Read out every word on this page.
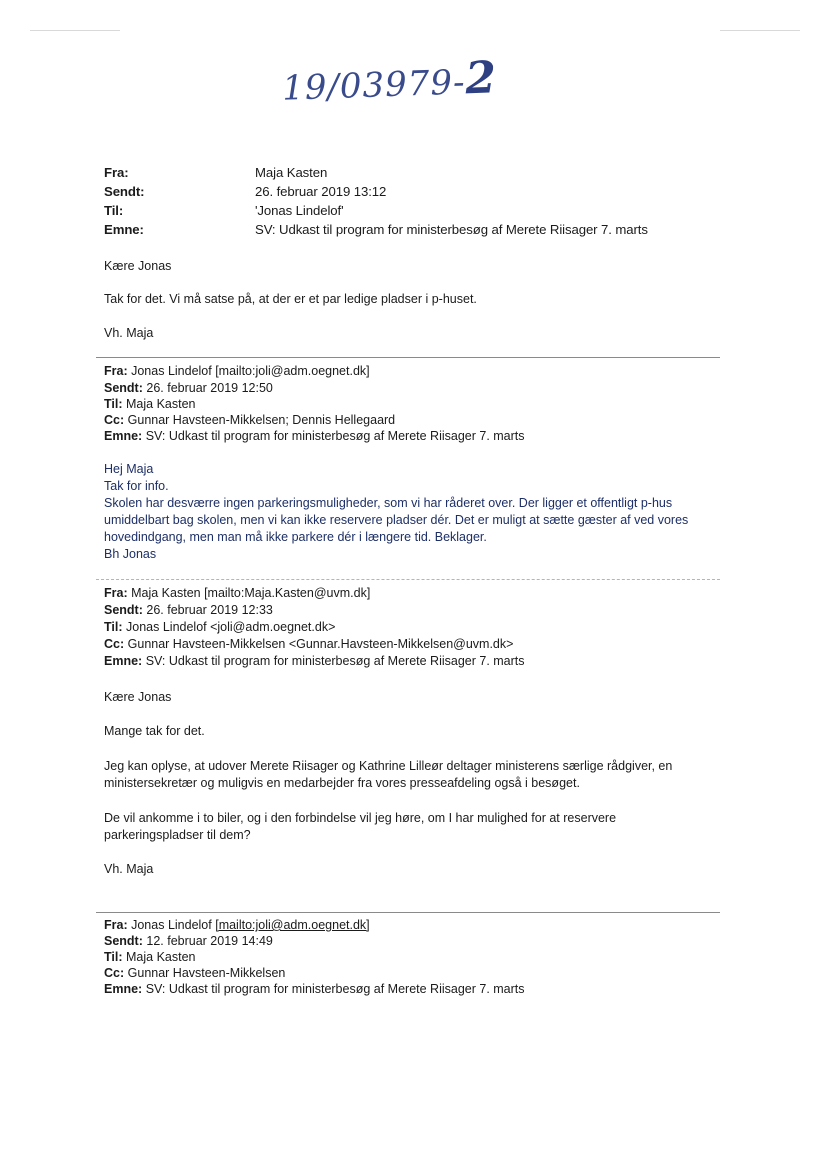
19/03979-2
Fra:	Maja Kasten
Sendt:	26. februar 2019 13:12
Til:	'Jonas Lindelof'
Emne:	SV: Udkast til program for ministerbesøg af Merete Riisager 7. marts
Kære Jonas
Tak for det. Vi må satse på, at der er et par ledige pladser i p-huset.
Vh. Maja
Fra: Jonas Lindelof [mailto:joli@adm.oegnet.dk]
Sendt: 26. februar 2019 12:50
Til: Maja Kasten
Cc: Gunnar Havsteen-Mikkelsen; Dennis Hellegaard
Emne: SV: Udkast til program for ministerbesøg af Merete Riisager 7. marts
Hej Maja
Tak for info.
Skolen har desværre ingen parkeringsmuligheder, som vi har råderet over. Der ligger et offentligt p-hus
umiddelbart bag skolen, men vi kan ikke reservere pladser dér. Det er muligt at sætte gæster af ved vores
hovedindgang, men man må ikke parkere dér i længere tid. Beklager.
Bh Jonas
Fra: Maja Kasten [mailto:Maja.Kasten@uvm.dk]
Sendt: 26. februar 2019 12:33
Til: Jonas Lindelof <joli@adm.oegnet.dk>
Cc: Gunnar Havsteen-Mikkelsen <Gunnar.Havsteen-Mikkelsen@uvm.dk>
Emne: SV: Udkast til program for ministerbesøg af Merete Riisager 7. marts
Kære Jonas
Mange tak for det.
Jeg kan oplyse, at udover Merete Riisager og Kathrine Lilleør deltager ministerens særlige rådgiver, en
ministersekretær og muligvis en medarbejder fra vores presseafdeling også i besøget.
De vil ankomme i to biler, og i den forbindelse vil jeg høre, om I har mulighed for at reservere
parkeringspladser til dem?
Vh. Maja
Fra: Jonas Lindelof [mailto:joli@adm.oegnet.dk]
Sendt: 12. februar 2019 14:49
Til: Maja Kasten
Cc: Gunnar Havsteen-Mikkelsen
Emne: SV: Udkast til program for ministerbesøg af Merete Riisager 7. marts
